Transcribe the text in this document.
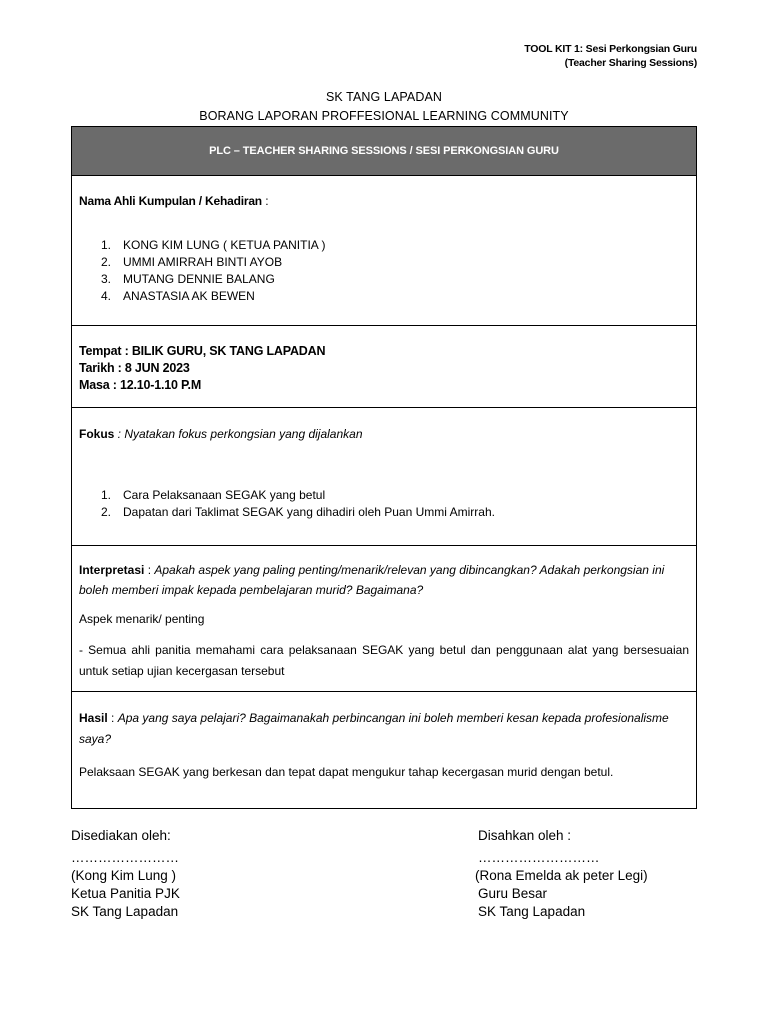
TOOL KIT 1: Sesi Perkongsian Guru
(Teacher Sharing Sessions)
SK TANG LAPADAN
BORANG LAPORAN PROFFESIONAL LEARNING COMMUNITY
PLC – TEACHER SHARING SESSIONS / SESI PERKONGSIAN GURU
Nama Ahli Kumpulan / Kehadiran :
1.	KONG KIM LUNG ( KETUA PANITIA )
2.	UMMI AMIRRAH BINTI AYOB
3.	MUTANG DENNIE BALANG
4.	ANASTASIA AK BEWEN
Tempat : BILIK GURU, SK TANG LAPADAN
Tarikh : 8 JUN 2023
Masa : 12.10-1.10 P.M
Fokus : Nyatakan fokus perkongsian yang dijalankan
1.	Cara Pelaksanaan SEGAK yang betul
2.	Dapatan dari Taklimat SEGAK yang dihadiri oleh Puan Ummi Amirrah.
Interpretasi : Apakah aspek yang paling penting/menarik/relevan yang dibincangkan? Adakah perkongsian ini boleh memberi impak kepada pembelajaran murid? Bagaimana?
Aspek menarik/ penting
- Semua ahli panitia memahami cara pelaksanaan SEGAK yang betul dan penggunaan alat yang bersesuaian untuk setiap ujian kecergasan tersebut
Hasil : Apa yang saya pelajari? Bagaimanakah perbincangan ini boleh memberi kesan kepada profesionalisme saya?
Pelaksaan SEGAK yang berkesan dan tepat dapat mengukur tahap kecergasan murid dengan betul.
Disediakan oleh:
……………………
(Kong Kim Lung )
Ketua Panitia PJK
SK Tang Lapadan
Disahkan oleh :
………………………
(Rona Emelda ak peter Legi)
Guru Besar
SK Tang Lapadan
